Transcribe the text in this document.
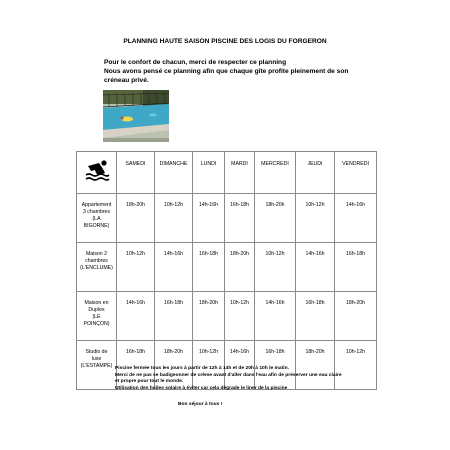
PLANNING HAUTE SAISON PISCINE DES LOGIS DU FORGERON
Pour le confort de chacun, merci de respecter ce planning
Nous avons pensé ce planning afin que chaque gîte profite pleinement de son
créneau privé.
	SAMEDI	DIMANCHE	LUNDI	MARDI	MERCREDI	JEUDI	VENDREDI

Appartement
3 chambres
(LA
BIGORNE)	18h-20h	10h-12h	14h-16h	16h-18h	18h-20h	10h-12h	14h-16h

Maison 2
chambres
(L'ENCLUME)	10h-12h	14h-16h	16h-18h	18h-20h	10h-12h	14h-16h	16h-18h

Maison en
Duplex
(LE
POINÇON)	14h-16h	16h-18h	18h-20h	10h-12h	14h-16h	16h-18h	18h-20h

Studio de
luxe
(L'ESTAMPE)	16h-18h	18h-20h	10h-12h	14h-16h	16h-18h	18h-20h	10h-12h
Piscine fermée tous les jours à partir de 12h à 14h et de 20h à 10h le matin.
Merci de ne pas se badigeonner de crème avant d'aller dans l'eau afin de préserver une eau claire
et propre pour tout le monde.
Utilisation des huiles solaire à éviter car cela dégrade le liner de la piscine
Bon séjour à tous !
